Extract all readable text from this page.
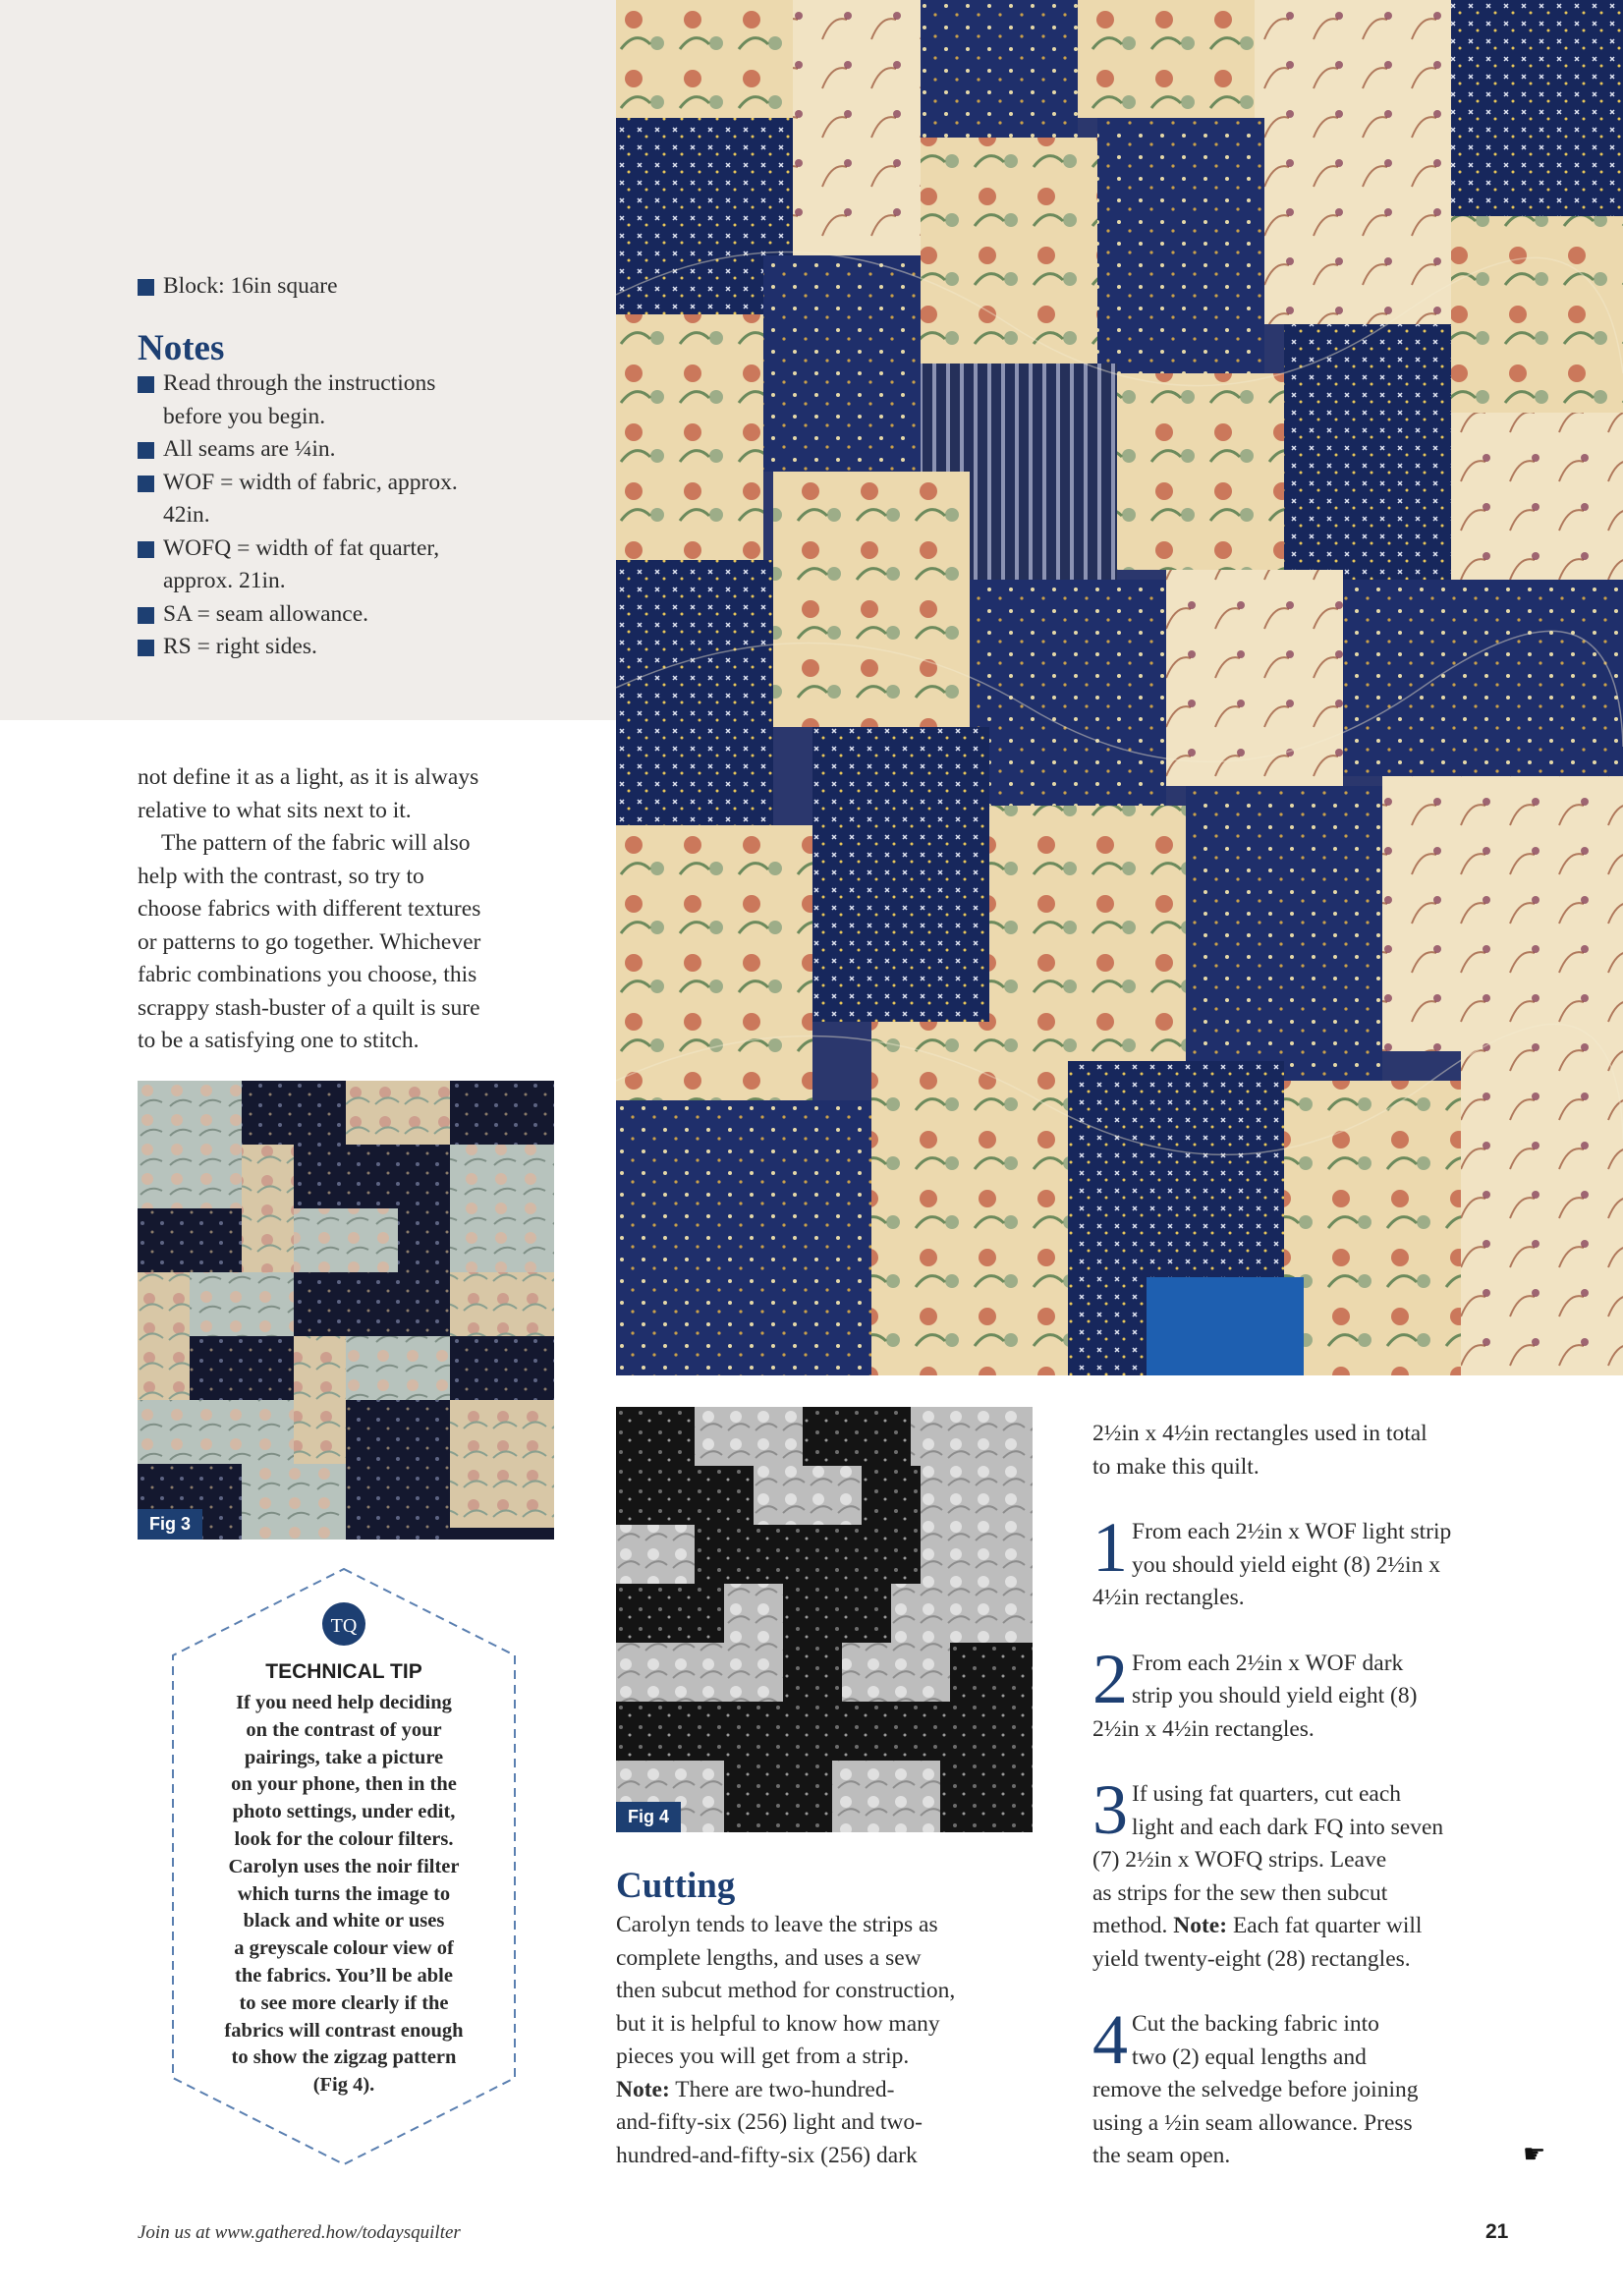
Block: 16in square
Notes
Read through the instructions
before you begin.
All seams are ¼in.
WOF = width of fabric, approx.
42in.
WOFQ = width of fat quarter,
approx. 21in.
SA = seam allowance.
RS = right sides.
not define it as a light, as it is always
relative to what sits next to it.
The pattern of the fabric will also
help with the contrast, so try to
choose fabrics with different textures
or patterns to go together. Whichever
fabric combinations you choose, this
scrappy stash-buster of a quilt is sure
to be a satisfying one to stitch.
Fig 3
Fig 4
TQ
TECHNICAL TIP
If you need help deciding
on the contrast of your
pairings, take a picture
on your phone, then in the
photo settings, under edit,
look for the colour filters.
Carolyn uses the noir filter
which turns the image to
black and white or uses
a greyscale colour view of
the fabrics. You’ll be able
to see more clearly if the
fabrics will contrast enough
to show the zigzag pattern
(Fig 4).
Cutting
Carolyn tends to leave the strips as
complete lengths, and uses a sew
then subcut method for construction,
but it is helpful to know how many
pieces you will get from a strip.
Note: There are two-hundred-
and-fifty-six (256) light and two-
hundred-and-fifty-six (256) dark
2½in x 4½in rectangles used in total
to make this quilt.
1 From each 2½in x WOF light strip
you should yield eight (8) 2½in x
4½in rectangles.
2 From each 2½in x WOF dark
strip you should yield eight (8)
2½in x 4½in rectangles.
3 If using fat quarters, cut each
light and each dark FQ into seven
(7) 2½in x WOFQ strips. Leave
as strips for the sew then subcut
method. Note: Each fat quarter will
yield twenty-eight (28) rectangles.
4 Cut the backing fabric into
two (2) equal lengths and
remove the selvedge before joining
using a ½in seam allowance. Press
the seam open.	☛
Join us at www.gathered.how/todaysquilter	21
